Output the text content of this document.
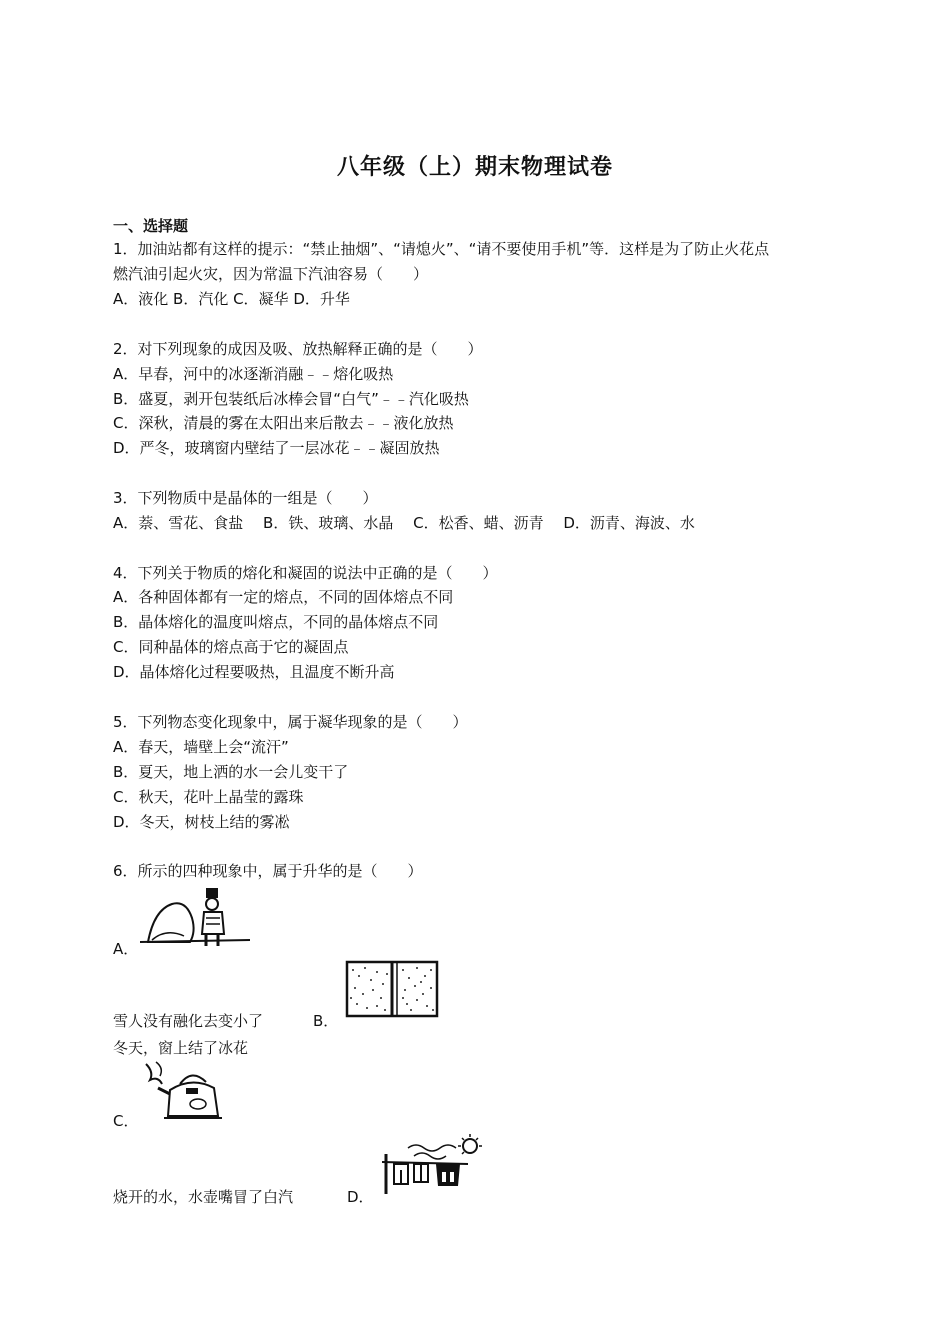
八年级（上）期末物理试卷
一、选择题
1．加油站都有这样的提示：“禁止抽烟”、“请熄火”、“请不要使用手机”等．这样是为了防止火花点
燃汽油引起火灾，因为常温下汽油容易（　　）
A．液化 B．汽化 C．凝华 D．升华
2．对下列现象的成因及吸、放热解释正确的是（　　）
A．早春，河中的冰逐渐消融﹣﹣熔化吸热
B．盛夏，剥开包装纸后冰棒会冒“白气”﹣﹣汽化吸热
C．深秋，清晨的雾在太阳出来后散去﹣﹣液化放热
D．严冬，玻璃窗内壁结了一层冰花﹣﹣凝固放热
3．下列物质中是晶体的一组是（　　）
A．萘、雪花、食盐　 B．铁、玻璃、水晶　 C．松香、蜡、沥青　 D．沥青、海波、水
4．下列关于物质的熔化和凝固的说法中正确的是（　　）
A．各种固体都有一定的熔点，不同的固体熔点不同
B．晶体熔化的温度叫熔点，不同的晶体熔点不同
C．同种晶体的熔点高于它的凝固点
D．晶体熔化过程要吸热，且温度不断升高
5．下列物态变化现象中，属于凝华现象的是（　　）
A．春天，墙壁上会“流汗”
B．夏天，地上洒的水一会儿变干了
C．秋天，花叶上晶莹的露珠
D．冬天，树枝上结的雾凇
6．所示的四种现象中，属于升华的是（　　）
A．
雪人没有融化去变小了	B．
冬天，窗上结了冰花
C．
烧开的水，水壶嘴冒了白汽	D．
